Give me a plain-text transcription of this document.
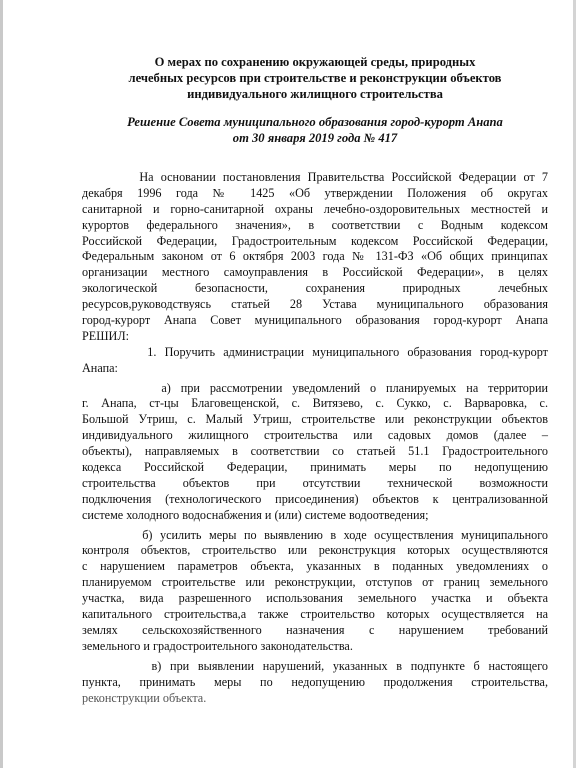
О мерах по сохранению окружающей среды, природных
лечебных ресурсов при строительстве и реконструкции объектов
индивидуального жилищного строительства
Решение Совета муниципального образования город-курорт Анапа
от 30 января 2019 года № 417
На основании постановления Правительства Российской Федерации от 7
декабря 1996 года № 1425 «Об утверждении Положения об округах
санитарной и горно-санитарной охраны лечебно-оздоровительных местностей и
курортов федерального значения», в соответствии с Водным кодексом
Российской Федерации, Градостроительным кодексом Российской Федерации,
Федеральным законом от 6 октября 2003 года № 131-ФЗ «Об общих принципах
организации местного самоуправления в Российской Федерации», в целях
экологической безопасности, сохранения природных лечебных
ресурсов,руководствуясь статьей 28 Устава муниципального образования
город-курорт Анапа Совет муниципального образования город-курорт Анапа
РЕШИЛ:
1. Поручить администрации муниципального образования город-курорт
Анапа:
а) при рассмотрении уведомлений о планируемых на территории
г. Анапа, ст-цы Благовещенской, с. Витязево, с. Сукко, с. Варваровка, с.
Большой Утриш, с. Малый Утриш, строительстве или реконструкции объектов
индивидуального жилищного строительства или садовых домов (далее –
объекты), направляемых в соответствии со статьей 51.1 Градостроительного
кодекса Российской Федерации, принимать меры по недопущению
строительства объектов при отсутствии технической возможности
подключения (технологического присоединения) объектов к централизованной
системе холодного водоснабжения и (или) системе водоотведения;
б) усилить меры по выявлению в ходе осуществления муниципального
контроля объектов, строительство или реконструкция которых осуществляются
с нарушением параметров объекта, указанных в поданных уведомлениях о
планируемом строительстве или реконструкции, отступов от границ земельного
участка, вида разрешенного использования земельного участка и объекта
капитального строительства,а также строительство которых осуществляется на
землях сельскохозяйственного назначения с нарушением требований
земельного и градостроительного законодательства.
в) при выявлении нарушений, указанных в подпункте б настоящего
пункта, принимать меры по недопущению продолжения строительства,
реконструкции объекта.
